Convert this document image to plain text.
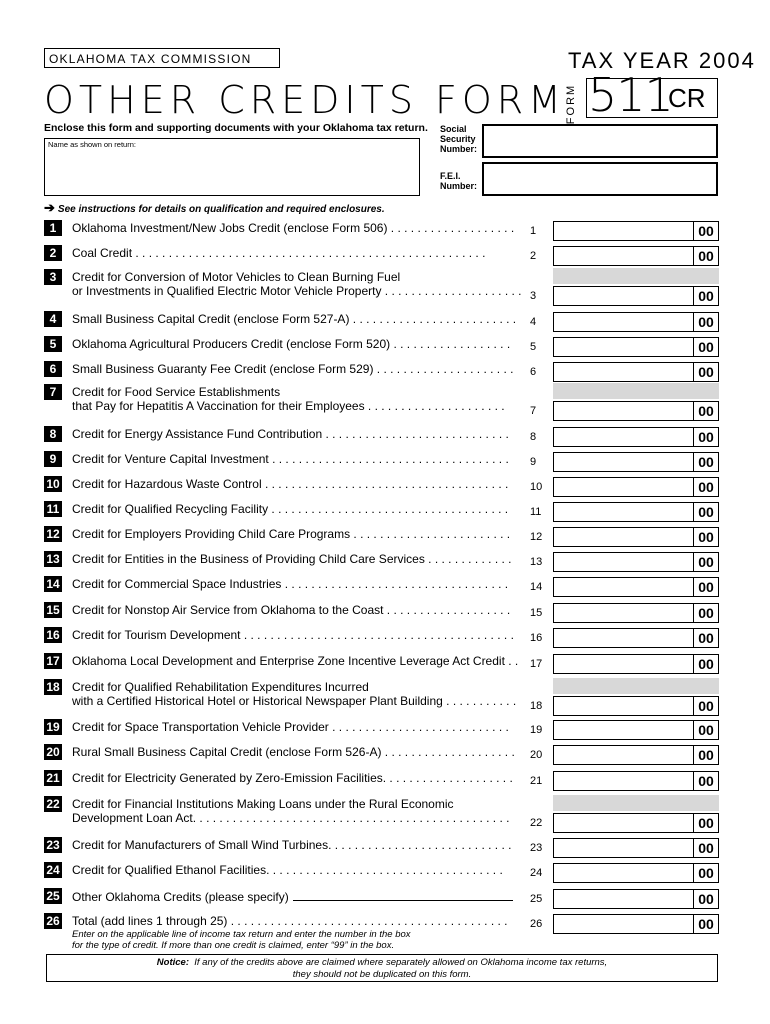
OKLAHOMA TAX COMMISSION
OTHER CREDITS FORM
TAX YEAR 2004
FORM 511
CR
Enclose this form and supporting documents with your Oklahoma tax return.
Name as shown on return:
Social
Security
Number:
F.E.I.
Number:
➔ See instructions for details on qualification and required enclosures.
1	Oklahoma Investment/New Jobs Credit (enclose Form 506) . . . . . . . . . . . . . . . . . . .	1	00
2	Coal Credit . . . . . . . . . . . . . . . . . . . . . . . . . . . . . . . . . . . . . . . . . . . . . . . . . . . . .	2	00
3	Credit for Conversion of Motor Vehicles to Clean Burning Fuel
or Investments in Qualified Electric Motor Vehicle Property . . . . . . . . . . . . . . . . . . . . . 3	00
4	Small Business Capital Credit (enclose Form 527-A) . . . . . . . . . . . . . . . . . . . . . . . . .	4	00
5	Oklahoma Agricultural Producers Credit (enclose Form 520) . . . . . . . . . . . . . . . . . .	5	00
6	Small Business Guaranty Fee Credit (enclose Form 529) . . . . . . . . . . . . . . . . . . . . .	6	00
7	Credit for Food Service Establishments
that Pay for Hepatitis A Vaccination for their Employees . . . . . . . . . . . . . . . . . . . . .	7	00
8	Credit for Energy Assistance Fund Contribution . . . . . . . . . . . . . . . . . . . . . . . . . . . .	8	00
9	Credit for Venture Capital Investment . . . . . . . . . . . . . . . . . . . . . . . . . . . . . . . . . . . .	9	00
10 Credit for Hazardous Waste Control . . . . . . . . . . . . . . . . . . . . . . . . . . . . . . . . . . . . .	10	00
11 Credit for Qualified Recycling Facility . . . . . . . . . . . . . . . . . . . . . . . . . . . . . . . . . . . .	11	00
12 Credit for Employers Providing Child Care Programs . . . . . . . . . . . . . . . . . . . . . . . .	12	00
13 Credit for Entities in the Business of Providing Child Care Services . . . . . . . . . . . . .	13	00
14 Credit for Commercial Space Industries . . . . . . . . . . . . . . . . . . . . . . . . . . . . . . . . . .	14	00
15 Credit for Nonstop Air Service from Oklahoma to the Coast . . . . . . . . . . . . . . . . . . .	15	00
16 Credit for Tourism Development . . . . . . . . . . . . . . . . . . . . . . . . . . . . . . . . . . . . . . . . .	16	00
17 Oklahoma Local Development and Enterprise Zone Incentive Leverage Act Credit . .	17	00
18 Credit for Qualified Rehabilitation Expenditures Incurred
with a Certified Historical Hotel or Historical Newspaper Plant Building . . . . . . . . . . .	18	00
19 Credit for Space Transportation Vehicle Provider . . . . . . . . . . . . . . . . . . . . . . . . . . .	19	00
20 Rural Small Business Capital Credit (enclose Form 526-A) . . . . . . . . . . . . . . . . . . . .	20	00
21 Credit for Electricity Generated by Zero-Emission Facilities. . . . . . . . . . . . . . . . . . . .	21	00
22 Credit for Financial Institutions Making Loans under the Rural Economic
Development Loan Act. . . . . . . . . . . . . . . . . . . . . . . . . . . . . . . . . . . . . . . . . . . . . . . .	22	00
23 Credit for Manufacturers of Small Wind Turbines. . . . . . . . . . . . . . . . . . . . . . . . . . . .	23	00
24 Credit for Qualified Ethanol Facilities. . . . . . . . . . . . . . . . . . . . . . . . . . . . . . . . . . . .	24	00
25 Other Oklahoma Credits (please specify)	25	00
26 Total (add lines 1 through 25) . . . . . . . . . . . . . . . . . . . . . . . . . . . . . . . . . . . . . . . . . .	26	00
Enter on the applicable line of income tax return and enter the number in the box
for the type of credit. If more than one credit is claimed, enter “99” in the box.
Notice: If any of the credits above are claimed where separately allowed on Oklahoma income tax returns,
they should not be duplicated on this form.
